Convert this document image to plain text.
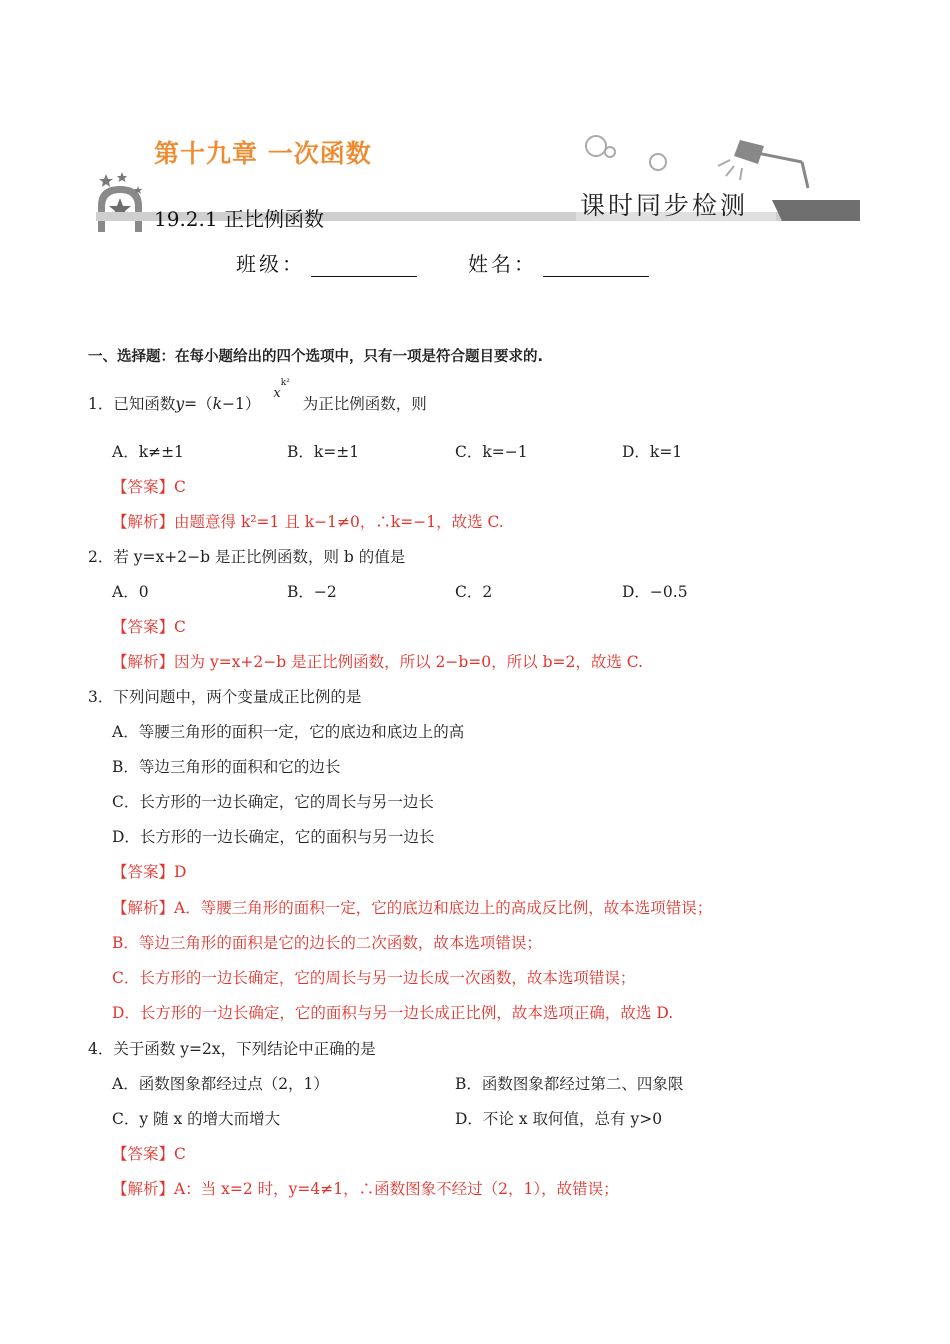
第十九章 一次函数
19.2.1 正比例函数	课时同步检测
班级：	姓名：
一、选择题：在每小题给出的四个选项中，只有一项是符合题目要求的.
1．已知函数y=（k−1） $x^{k^2}$ 为正比例函数，则
A．k≠±1	B．k=±1	C．k=−1	D．k=1
【答案】C
【解析】由题意得 k²=1 且 k−1≠0，∴k=−1，故选 C.
2．若 y=x+2−b 是正比例函数，则 b 的值是
A．0	B．−2	C．2	D．−0.5
【答案】C
【解析】因为 y=x+2−b 是正比例函数，所以 2−b=0，所以 b=2，故选 C.
3．下列问题中，两个变量成正比例的是
A．等腰三角形的面积一定，它的底边和底边上的高
B．等边三角形的面积和它的边长
C．长方形的一边长确定，它的周长与另一边长
D．长方形的一边长确定，它的面积与另一边长
【答案】D
【解析】A．等腰三角形的面积一定，它的底边和底边上的高成反比例，故本选项错误；
B．等边三角形的面积是它的边长的二次函数，故本选项错误；
C．长方形的一边长确定，它的周长与另一边长成一次函数，故本选项错误；
D．长方形的一边长确定，它的面积与另一边长成正比例，故本选项正确，故选 D.
4．关于函数 y=2x，下列结论中正确的是
A．函数图象都经过点（2，1）	B．函数图象都经过第二、四象限
C．y 随 x 的增大而增大	D．不论 x 取何值，总有 y>0
【答案】C
【解析】A：当 x=2 时，y=4≠1，∴函数图象不经过（2，1），故错误；
